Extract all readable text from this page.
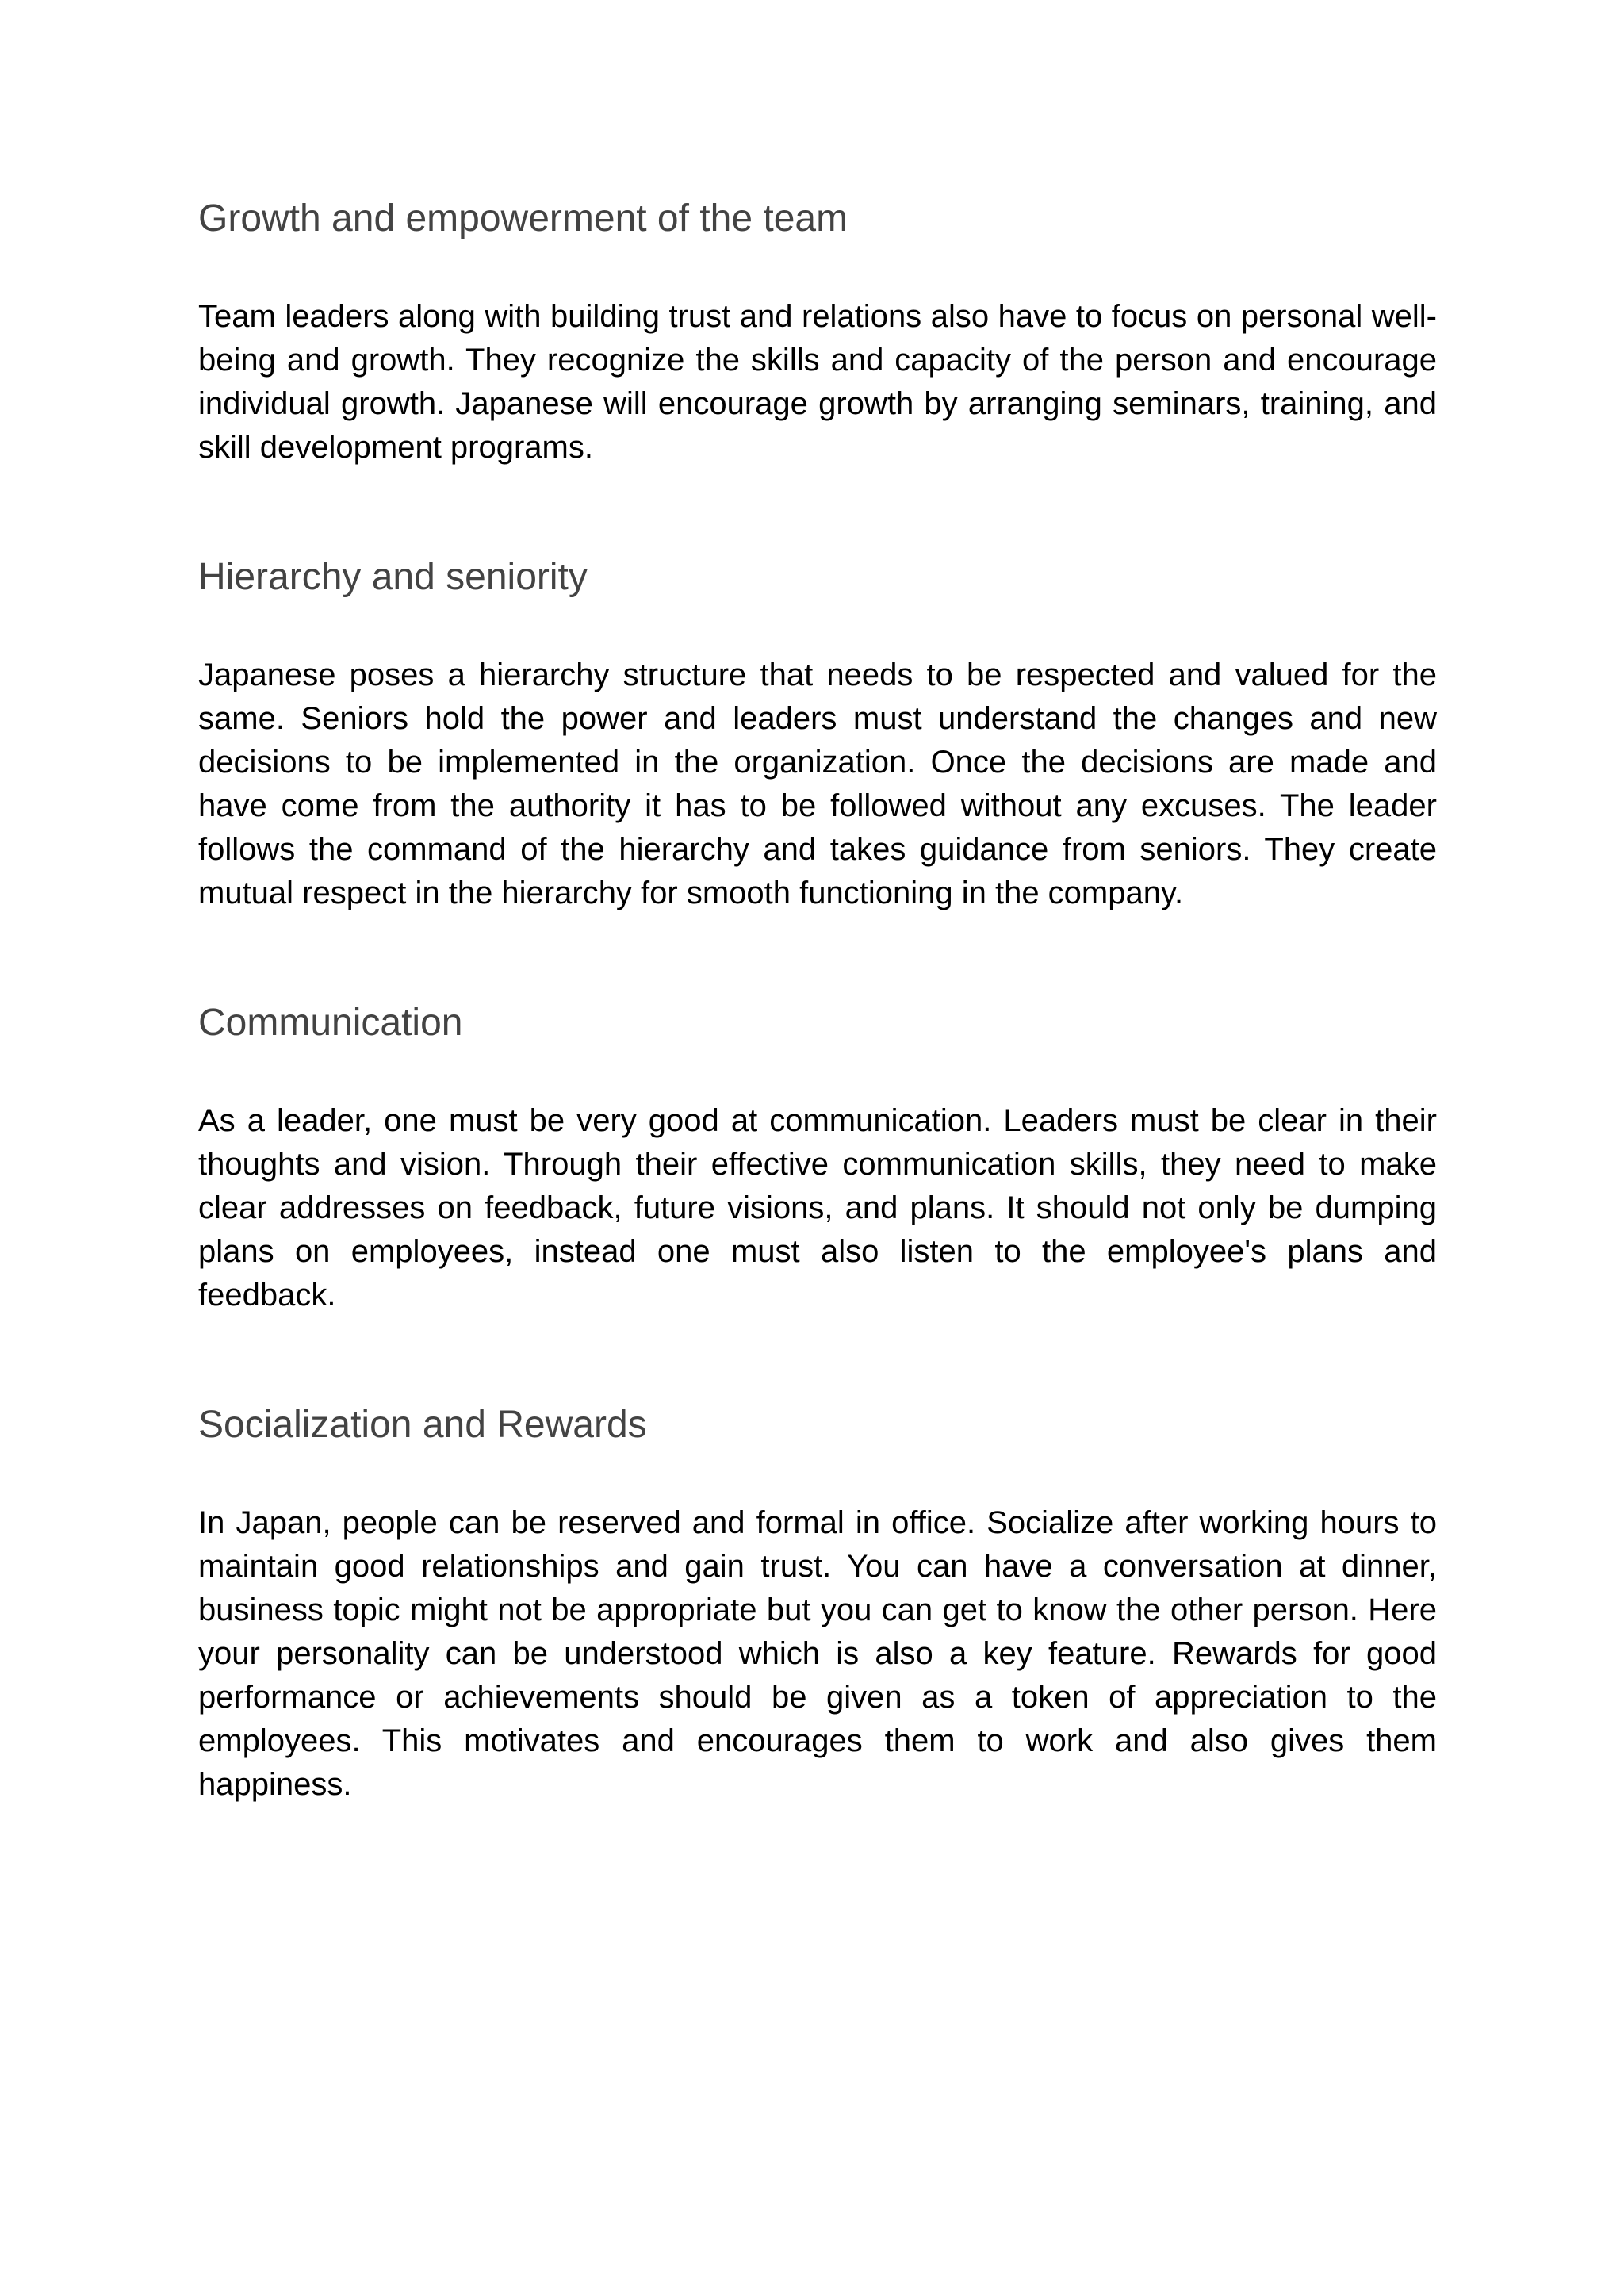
Growth and empowerment of the team

Team leaders along with building trust and relations also have to focus on personal well-being and growth. They recognize the skills and capacity of the person and encourage individual growth. Japanese will encourage growth by arranging seminars, training, and skill development programs.

Hierarchy and seniority

Japanese poses a hierarchy structure that needs to be respected and valued for the same. Seniors hold the power and leaders must understand the changes and new decisions to be implemented in the organization. Once the decisions are made and have come from the authority it has to be followed without any excuses. The leader follows the command of the hierarchy and takes guidance from seniors. They create mutual respect in the hierarchy for smooth functioning in the company.

Communication

As a leader, one must be very good at communication. Leaders must be clear in their thoughts and vision. Through their effective communication skills, they need to make clear addresses on feedback, future visions, and plans. It should not only be dumping plans on employees, instead one must also listen to the employee's plans and feedback.

Socialization and Rewards

In Japan, people can be reserved and formal in office. Socialize after working hours to maintain good relationships and gain trust. You can have a conversation at dinner, business topic might not be appropriate but you can get to know the other person. Here your personality can be understood which is also a key feature. Rewards for good performance or achievements should be given as a token of appreciation to the employees. This motivates and encourages them to work and also gives them happiness.
